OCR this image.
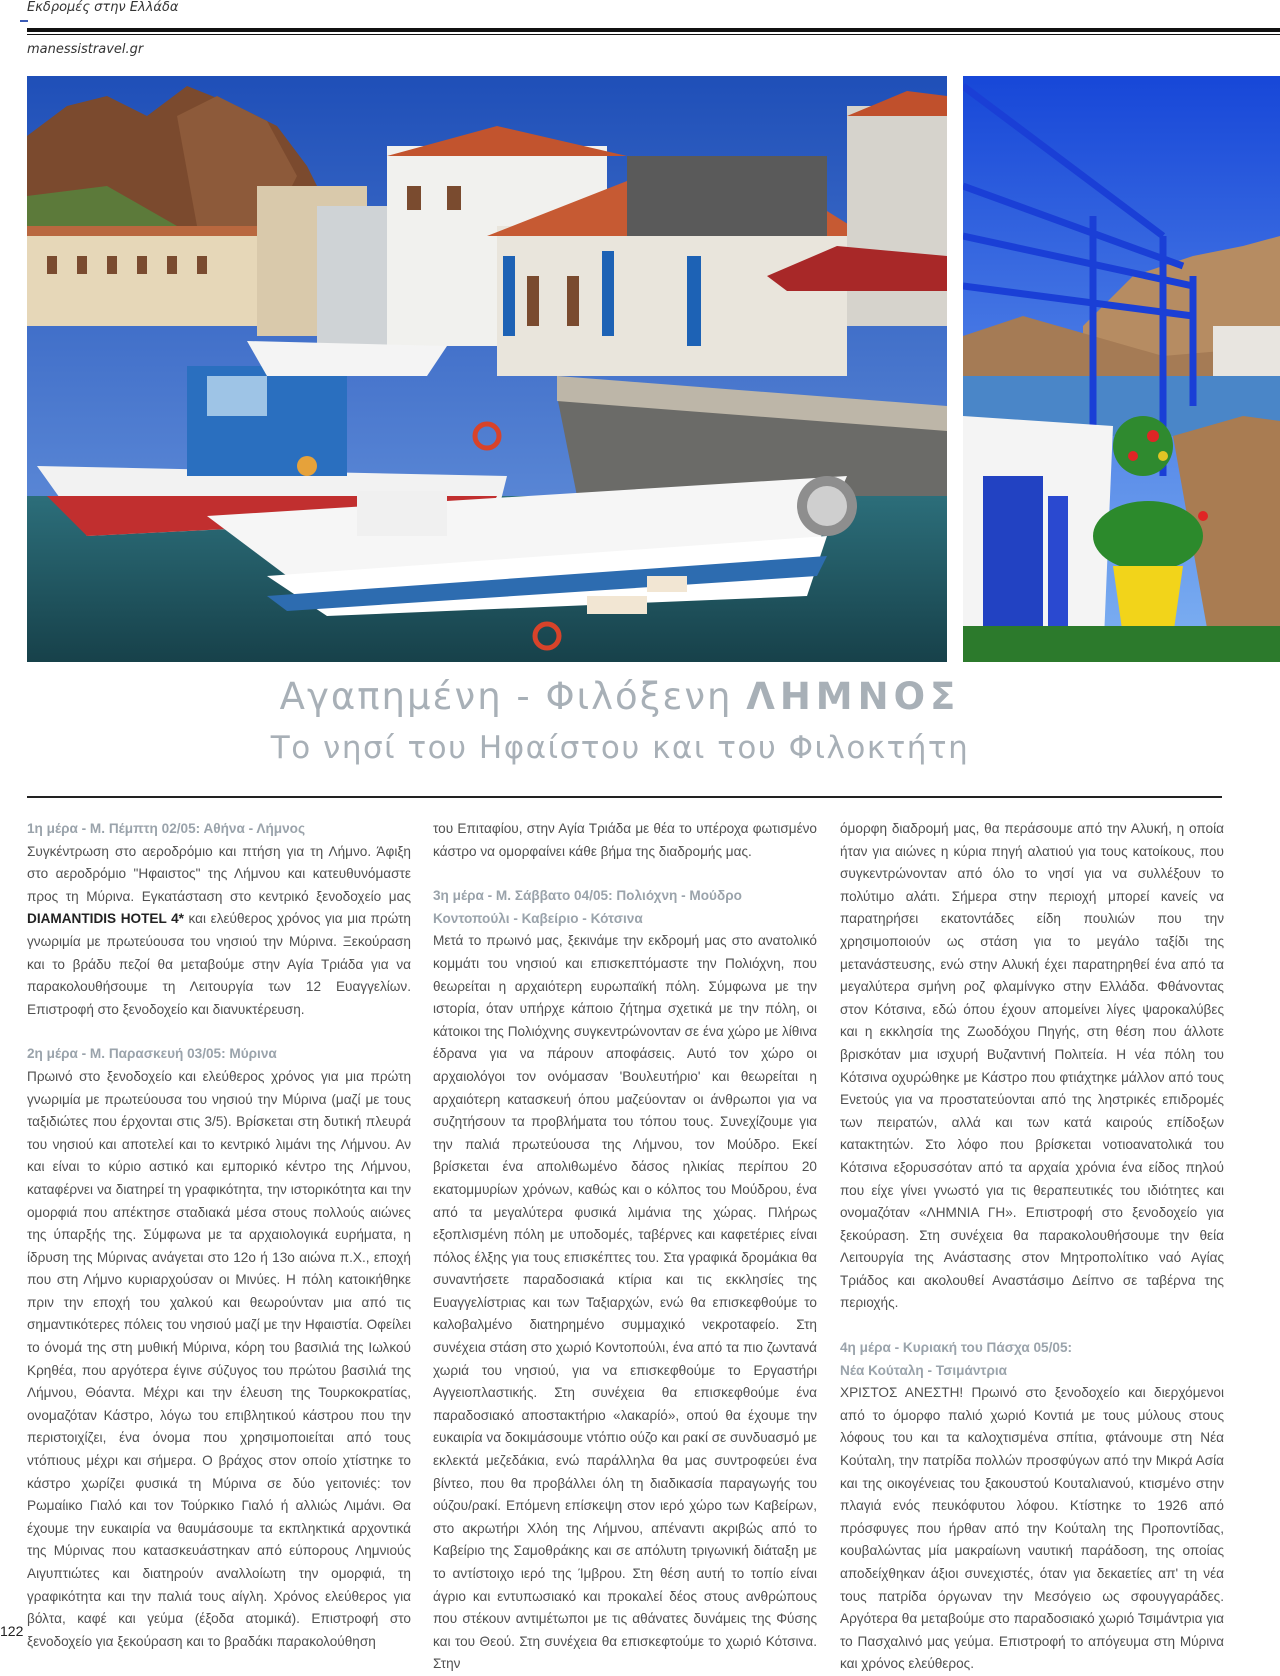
Εκδρομές στην Ελλάδα
manessistravel.gr
Αγαπημένη - Φιλόξενη ΛΗΜΝΟΣ
Το νησί του Ηφαίστου και του Φιλοκτήτη

1η μέρα - Μ. Πέμπτη 02/05: Αθήνα - Λήμνος

Συγκέντρωση στο αεροδρόμιο και πτήση για τη Λήμνο. Άφιξη στο αεροδρόμιο "Ηφαιστος" της Λήμνου και κατευθυνόμαστε προς τη Μύρινα. Εγκατάσταση στο κεντρικό ξενοδοχείο μας DIAMANTIDIS HOTEL 4* και ελεύθερος χρόνος για μια πρώτη γνωριμία με πρωτεύουσα του νησιού την Μύρινα. Ξεκούραση και το βράδυ πεζοί θα μεταβούμε στην Αγία Τριάδα για να παρακολουθήσουμε τη Λειτουργία των 12 Ευαγγελίων. Επιστροφή στο ξενοδοχείο και διανυκτέρευση.

2η μέρα - Μ. Παρασκευή 03/05: Μύρινα

Πρωινό στο ξενοδοχείο και ελεύθερος χρόνος για μια πρώτη γνωριμία με πρωτεύουσα του νησιού την Μύρινα (μαζί με τους ταξιδιώτες που έρχονται στις 3/5). Βρίσκεται στη δυτική πλευρά του νησιού και αποτελεί και το κεντρικό λιμάνι της Λήμνου. Αν και είναι το κύριο αστικό και εμπορικό κέντρο της Λήμνου, καταφέρνει να διατηρεί τη γραφικότητα, την ιστορικότητα και την ομορφιά που απέκτησε σταδιακά μέσα στους πολλούς αιώνες της ύπαρξής της. Σύμφωνα με τα αρχαιολογικά ευρήματα, η ίδρυση της Μύρινας ανάγεται στο 12ο ή 13ο αιώνα π.Χ., εποχή που στη Λήμνο κυριαρχούσαν οι Μινύες. Η πόλη κατοικήθηκε πριν την εποχή του χαλκού και θεωρούνταν μια από τις σημαντικότερες πόλεις του νησιού μαζί με την Ηφαιστία. Οφείλει το όνομά της στη μυθική Μύρινα, κόρη του βασιλιά της Ιωλκού Κρηθέα, που αργότερα έγινε σύζυγος του πρώτου βασιλιά της Λήμνου, Θόαντα. Μέχρι και την έλευση της Τουρκοκρατίας, ονομαζόταν Κάστρο, λόγω του επιβλητικού κάστρου που την περιστοιχίζει, ένα όνομα που χρησιμοποιείται από τους ντόπιους μέχρι και σήμερα. Ο βράχος στον οποίο χτίστηκε το κάστρο χωρίζει φυσικά τη Μύρινα σε δύο γειτονιές: τον Ρωμαίικο Γιαλό και τον Τούρκικο Γιαλό ή αλλιώς Λιμάνι. Θα έχουμε την ευκαιρία να θαυμάσουμε τα εκπληκτικά αρχοντικά της Μύρινας που κατασκευάστηκαν από εύπορους Λημνιούς Αιγυπτιώτες και διατηρούν αναλλοίωτη την ομορφιά, τη γραφικότητα και την παλιά τους αίγλη. Χρόνος ελεύθερος για βόλτα, καφέ και γεύμα (έξοδα ατομικά). Επιστροφή στο ξενοδοχείο για ξεκούραση και το βραδάκι παρακολούθηση

του Επιταφίου, στην Αγία Τριάδα με θέα το υπέροχα φωτισμένο κάστρο να ομορφαίνει κάθε βήμα της διαδρομής μας.

3η μέρα - Μ. Σάββατο 04/05: Πολιόχνη - Μούδρο

Κοντοπούλι - Καβείριο - Κότσινα

Μετά το πρωινό μας, ξεκινάμε την εκδρομή μας στο ανατολικό κομμάτι του νησιού και επισκεπτόμαστε την Πολιόχνη, που θεωρείται η αρχαιότερη ευρωπαϊκή πόλη. Σύμφωνα με την ιστορία, όταν υπήρχε κάποιο ζήτημα σχετικά με την πόλη, οι κάτοικοι της Πολιόχνης συγκεντρώνονταν σε ένα χώρο με λίθινα έδρανα για να πάρουν αποφάσεις. Αυτό τον χώρο οι αρχαιολόγοι τον ονόμασαν 'Βουλευτήριο' και θεωρείται η αρχαιότερη κατασκευή όπου μαζεύονταν οι άνθρωποι για να συζητήσουν τα προβλήματα του τόπου τους. Συνεχίζουμε για την παλιά πρωτεύουσα της Λήμνου, τον Μούδρο. Εκεί βρίσκεται ένα απολιθωμένο δάσος ηλικίας περίπου 20 εκατομμυρίων χρόνων, καθώς και ο κόλπος του Μούδρου, ένα από τα μεγαλύτερα φυσικά λιμάνια της χώρας. Πλήρως εξοπλισμένη πόλη με υποδομές, ταβέρνες και καφετέριες είναι πόλος έλξης για τους επισκέπτες του. Στα γραφικά δρομάκια θα συναντήσετε παραδοσιακά κτίρια και τις εκκλησίες της Ευαγγελίστριας και των Ταξιαρχών, ενώ θα επισκεφθούμε το καλοβαλμένο διατηρημένο συμμαχικό νεκροταφείο. Στη συνέχεια στάση στο χωριό Κοντοπούλι, ένα από τα πιο ζωντανά χωριά του νησιού, για να επισκεφθούμε το Εργαστήρι Αγγειοπλαστικής. Στη συνέχεια θα επισκεφθούμε ένα παραδοσιακό αποστακτήριο «λακαρίό», οπού θα έχουμε την ευκαιρία να δοκιμάσουμε ντόπιο ούζο και ρακί σε συνδυασμό με εκλεκτά μεζεδάκια, ενώ παράλληλα θα μας συντροφεύει ένα βίντεο, που θα προβάλλει όλη τη διαδικασία παραγωγής του ούζου/ρακί. Επόμενη επίσκεψη στον ιερό χώρο των Καβείρων, στο ακρωτήρι Χλόη της Λήμνου, απέναντι ακριβώς από το Καβείριο της Σαμοθράκης και σε απόλυτη τριγωνική διάταξη με το αντίστοιχο ιερό της Ίμβρου. Στη θέση αυτή το τοπίο είναι άγριο και εντυπωσιακό και προκαλεί δέος στους ανθρώπους που στέκουν αντιμέτωποι με τις αθάνατες δυνάμεις της Φύσης και του Θεού. Στη συνέχεια θα επισκεφτούμε το χωριό Κότσινα. Στην

όμορφη διαδρομή μας, θα περάσουμε από την Αλυκή, η οποία ήταν για αιώνες η κύρια πηγή αλατιού για τους κατοίκους, που συγκεντρώνονταν από όλο το νησί για να συλλέξουν το πολύτιμο αλάτι. Σήμερα στην περιοχή μπορεί κανείς να παρατηρήσει εκατοντάδες είδη πουλιών που την χρησιμοποιούν ως στάση για το μεγάλο ταξίδι της μετανάστευσης, ενώ στην Αλυκή έχει παρατηρηθεί ένα από τα μεγαλύτερα σμήνη ροζ φλαμίνγκο στην Ελλάδα. Φθάνοντας στον Κότσινα, εδώ όπου έχουν απομείνει λίγες ψαροκαλύβες και η εκκλησία της Ζωοδόχου Πηγής, στη θέση που άλλοτε βρισκόταν μια ισχυρή Βυζαντινή Πολιτεία. Η νέα πόλη του Κότσινα οχυρώθηκε με Κάστρο που φτιάχτηκε μάλλον από τους Ενετούς για να προστατεύονται από της ληστρικές επιδρομές των πειρατών, αλλά και των κατά καιρούς επίδοξων κατακτητών. Στο λόφο που βρίσκεται νοτιοανατολικά του Κότσινα εξορυσσόταν από τα αρχαία χρόνια ένα είδος πηλού που είχε γίνει γνωστό για τις θεραπευτικές του ιδιότητες και ονομαζόταν «ΛΗΜΝΙΑ ΓΗ». Επιστροφή στο ξενοδοχείο για ξεκούραση. Στη συνέχεια θα παρακολουθήσουμε την θεία Λειτουργία της Ανάστασης στον Μητροπολίτικο ναό Αγίας Τριάδος και ακολουθεί Αναστάσιμο Δείπνο σε ταβέρνα της περιοχής.

4η μέρα - Κυριακή του Πάσχα 05/05:

Νέα Κούταλη - Τσιμάντρια

ΧΡΙΣΤΟΣ ΑΝΕΣΤΗ! Πρωινό στο ξενοδοχείο και διερχόμενοι από το όμορφο παλιό χωριό Κοντιά με τους μύλους στους λόφους του και τα καλοχτισμένα σπίτια, φτάνουμε στη Νέα Κούταλη, την πατρίδα πολλών προσφύγων από την Μικρά Ασία και της οικογένειας του ξακουστού Κουταλιανού, κτισμένο στην πλαγιά ενός πευκόφυτου λόφου. Κτίστηκε το 1926 από πρόσφυγες που ήρθαν από την Κούταλη της Προποντίδας, κουβαλώντας μία μακραίωνη ναυτική παράδοση, της οποίας αποδείχθηκαν άξιοι συνεχιστές, όταν για δεκαετίες απ' τη νέα τους πατρίδα όργωναν την Μεσόγειο ως σφουγγαράδες. Αργότερα θα μεταβούμε στο παραδοσιακό χωριό Τσιμάντρια για το Πασχαλινό μας γεύμα. Επιστροφή το απόγευμα στη Μύρινα και χρόνος ελεύθερος.

122
